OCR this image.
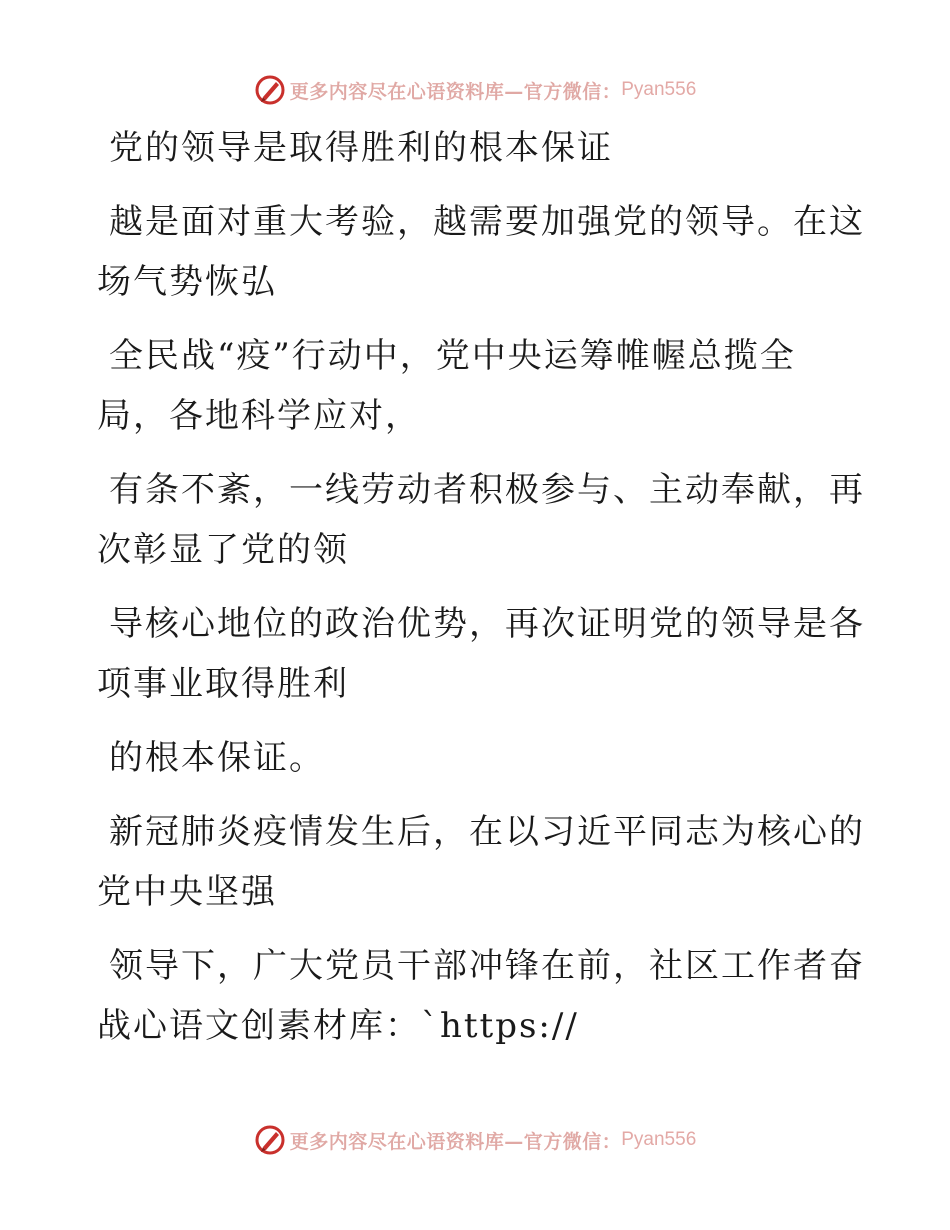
更多内容尽在心语资料库—官方微信： Pyan556

党的领导是取得胜利的根本保证

越是面对重大考验，越需要加强党的领导。在这
场气势恢弘

全民战“疫”行动中，党中央运筹帷幄总揽全
局，各地科学应对，

有条不紊，一线劳动者积极参与、主动奉献，再
次彰显了党的领

导核心地位的政治优势，再次证明党的领导是各
项事业取得胜利

的根本保证。

新冠肺炎疫情发生后，在以习近平同志为核心的
党中央坚强

领导下，广大党员干部冲锋在前，社区工作者奋
战心语文创素材库：`https://

更多内容尽在心语资料库—官方微信： Pyan556
